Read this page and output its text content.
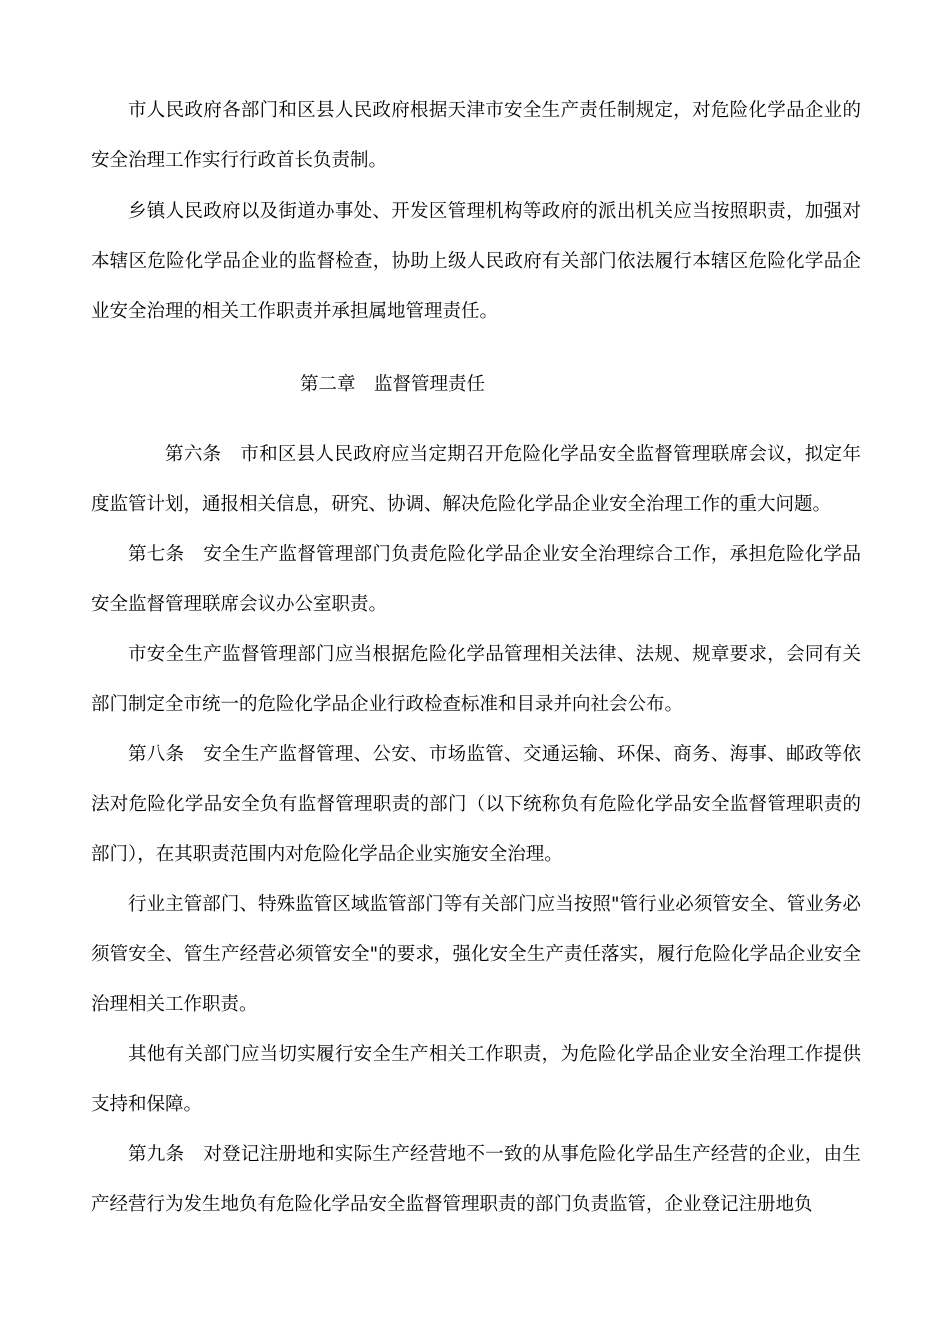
市人民政府各部门和区县人民政府根据天津市安全生产责任制规定，对危险化学品企业的安全治理工作实行行政首长负责制。

乡镇人民政府以及街道办事处、开发区管理机构等政府的派出机关应当按照职责，加强对本辖区危险化学品企业的监督检查，协助上级人民政府有关部门依法履行本辖区危险化学品企业安全治理的相关工作职责并承担属地管理责任。

第二章　监督管理责任

第六条　市和区县人民政府应当定期召开危险化学品安全监督管理联席会议，拟定年度监管计划，通报相关信息，研究、协调、解决危险化学品企业安全治理工作的重大问题。

第七条　安全生产监督管理部门负责危险化学品企业安全治理综合工作，承担危险化学品安全监督管理联席会议办公室职责。

市安全生产监督管理部门应当根据危险化学品管理相关法律、法规、规章要求，会同有关部门制定全市统一的危险化学品企业行政检查标准和目录并向社会公布。

第八条　安全生产监督管理、公安、市场监管、交通运输、环保、商务、海事、邮政等依法对危险化学品安全负有监督管理职责的部门（以下统称负有危险化学品安全监督管理职责的部门），在其职责范围内对危险化学品企业实施安全治理。

行业主管部门、特殊监管区域监管部门等有关部门应当按照"管行业必须管安全、管业务必须管安全、管生产经营必须管安全"的要求，强化安全生产责任落实，履行危险化学品企业安全治理相关工作职责。

其他有关部门应当切实履行安全生产相关工作职责，为危险化学品企业安全治理工作提供支持和保障。

第九条　对登记注册地和实际生产经营地不一致的从事危险化学品生产经营的企业，由生产经营行为发生地负有危险化学品安全监督管理职责的部门负责监管，企业登记注册地负
